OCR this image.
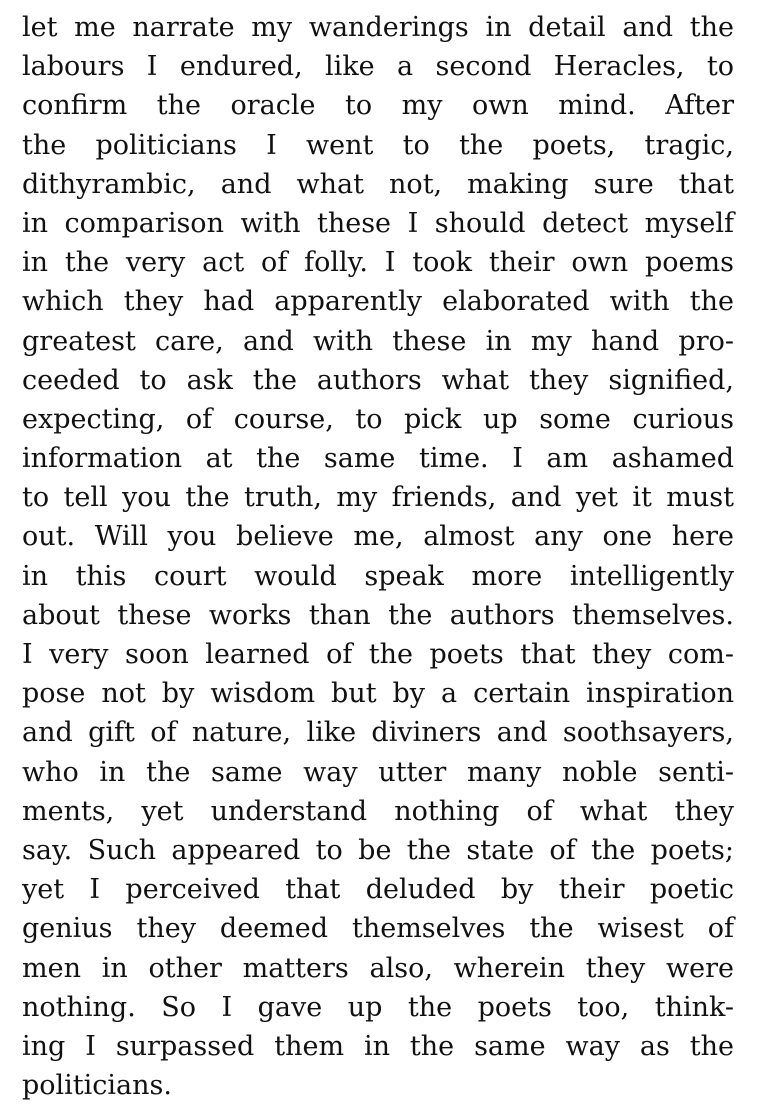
let me narrate my wanderings in detail and the
labours I endured, like a second Heracles, to
confirm the oracle to my own mind. After
the politicians I went to the poets, tragic,
dithyrambic, and what not, making sure that
in comparison with these I should detect myself
in the very act of folly. I took their own poems
which they had apparently elaborated with the
greatest care, and with these in my hand pro-
ceeded to ask the authors what they signified,
expecting, of course, to pick up some curious
information at the same time. I am ashamed
to tell you the truth, my friends, and yet it must
out. Will you believe me, almost any one here
in this court would speak more intelligently
about these works than the authors themselves.
I very soon learned of the poets that they com-
pose not by wisdom but by a certain inspiration
and gift of nature, like diviners and soothsayers,
who in the same way utter many noble senti-
ments, yet understand nothing of what they
say. Such appeared to be the state of the poets;
yet I perceived that deluded by their poetic
genius they deemed themselves the wisest of
men in other matters also, wherein they were
nothing. So I gave up the poets too, think-
ing I surpassed them in the same way as the
politicians.
